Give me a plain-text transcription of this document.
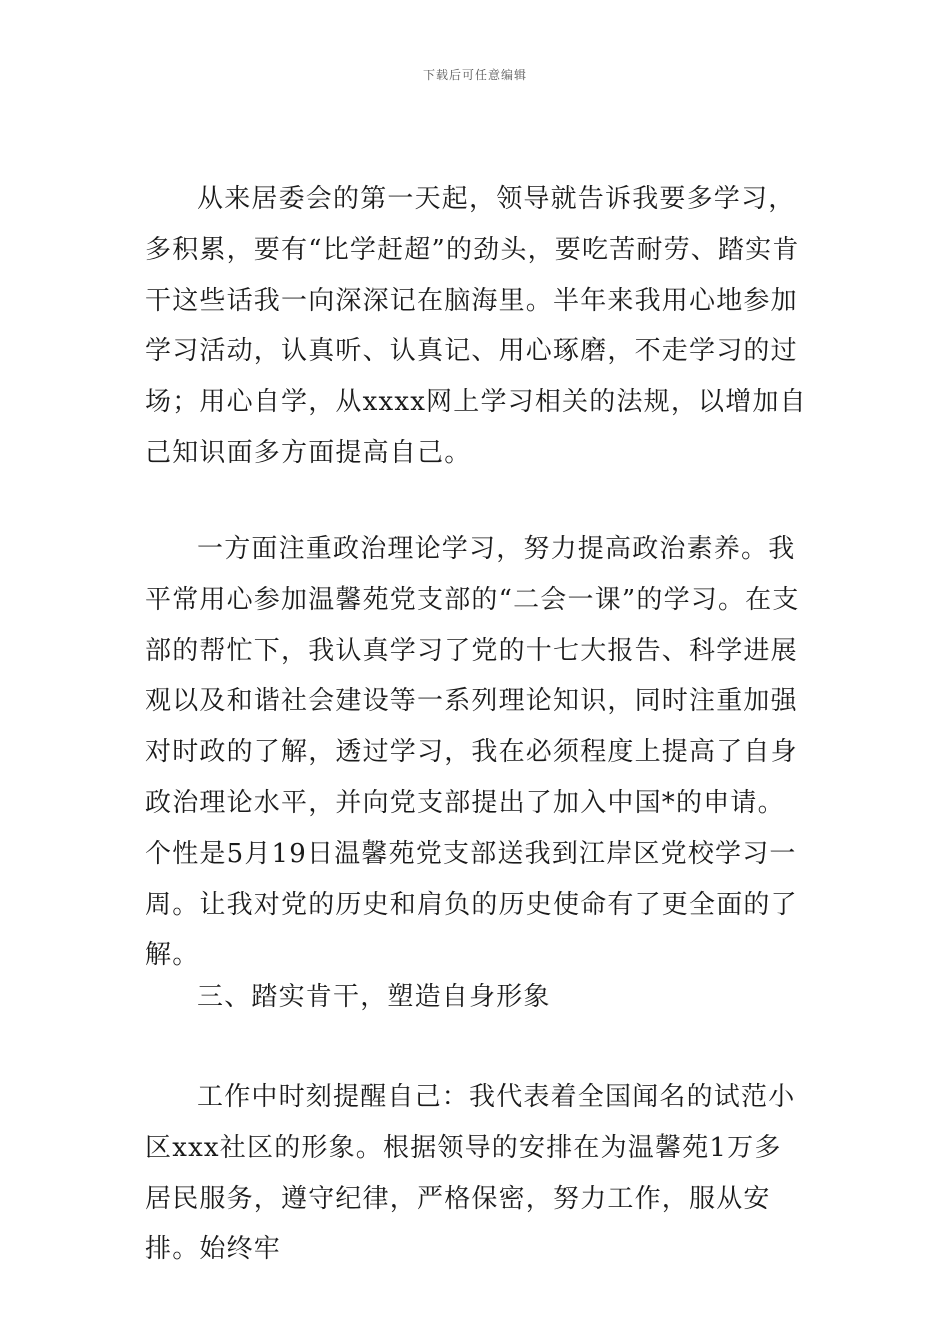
下载后可任意编辑

从来居委会的第一天起，领导就告诉我要多学习，多积累，要有“比学赶超”的劲头，要吃苦耐劳、踏实肯干这些话我一向深深记在脑海里。半年来我用心地参加学习活动，认真听、认真记、用心琢磨，不走学习的过场；用心自学，从xxxx网上学习相关的法规，以增加自己知识面多方面提高自己。

一方面注重政治理论学习，努力提高政治素养。我平常用心参加温馨苑党支部的“二会一课”的学习。在支部的帮忙下，我认真学习了党的十七大报告、科学进展观以及和谐社会建设等一系列理论知识，同时注重加强对时政的了解，透过学习，我在必须程度上提高了自身政治理论水平，并向党支部提出了加入中国*的申请。个性是5月19日温馨苑党支部送我到江岸区党校学习一周。让我对党的历史和肩负的历史使命有了更全面的了解。

三、踏实肯干，塑造自身形象

工作中时刻提醒自己：我代表着全国闻名的试范小区xxx社区的形象。根据领导的安排在为温馨苑1万多居民服务，遵守纪律，严格保密，努力工作，服从安排。始终牢
